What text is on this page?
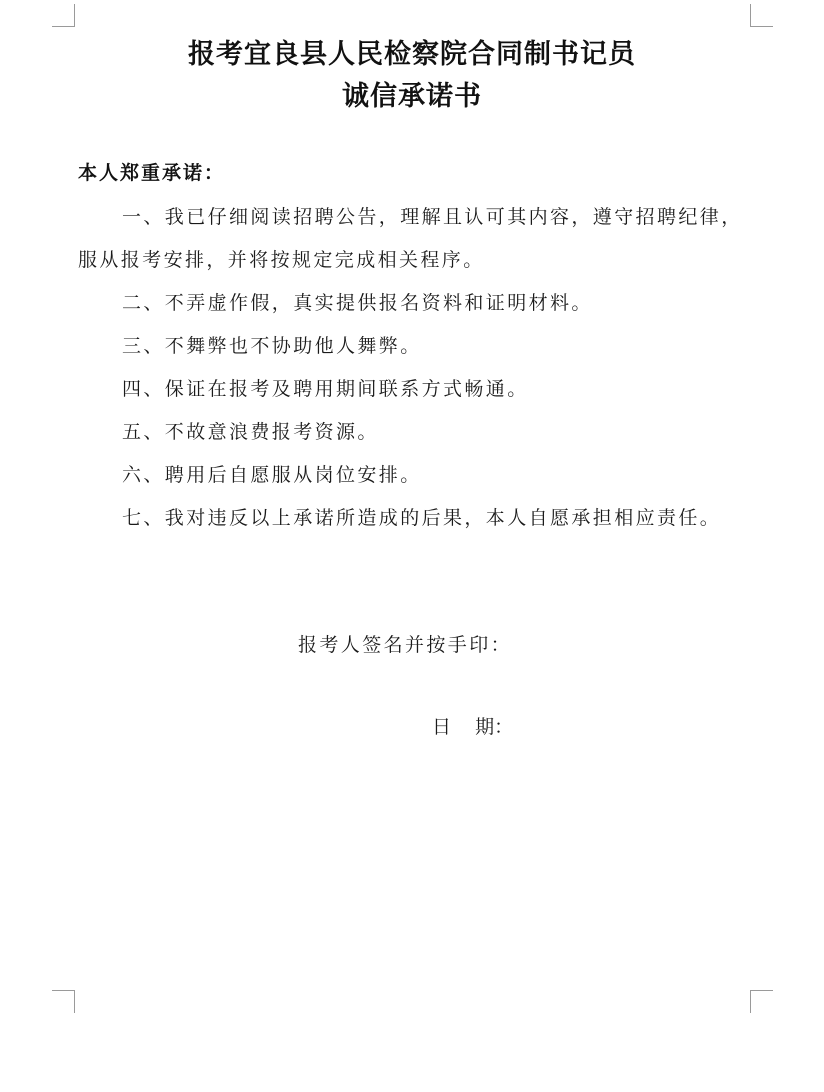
报考宜良县人民检察院合同制书记员
诚信承诺书
本人郑重承诺：
一、我已仔细阅读招聘公告，理解且认可其内容，遵守招聘纪律，
服从报考安排，并将按规定完成相关程序。
二、不弄虚作假，真实提供报名资料和证明材料。
三、不舞弊也不协助他人舞弊。
四、保证在报考及聘用期间联系方式畅通。
五、不故意浪费报考资源。
六、聘用后自愿服从岗位安排。
七、我对违反以上承诺所造成的后果，本人自愿承担相应责任。
报考人签名并按手印：
日    期：
